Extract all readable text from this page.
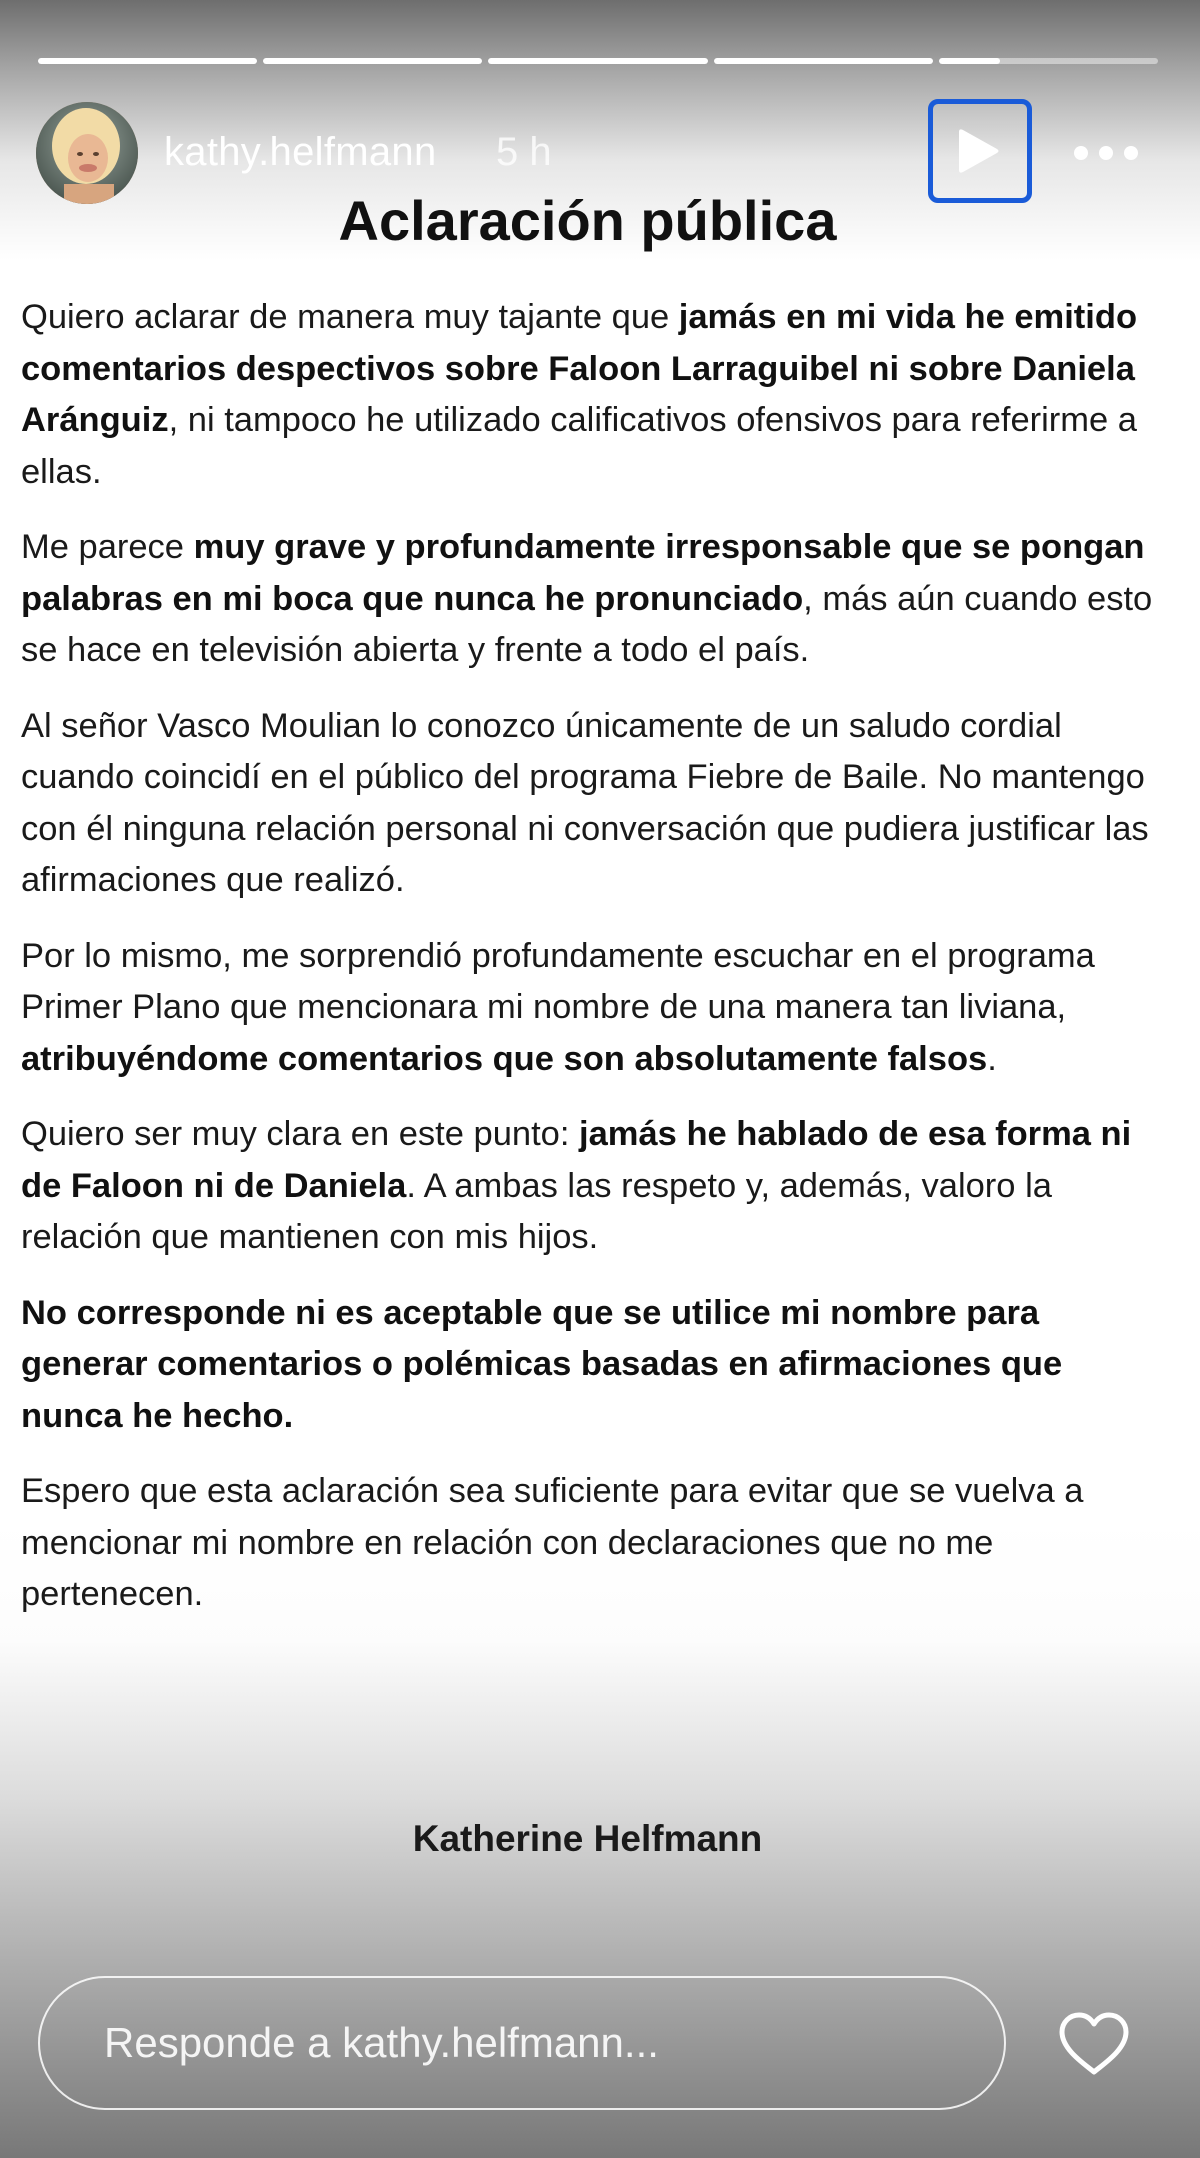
kathy.helfmann 5 h
Aclaración pública

Quiero aclarar de manera muy tajante que jamás en mi vida he emitido comentarios despectivos sobre Faloon Larraguibel ni sobre Daniela Aránguiz, ni tampoco he utilizado calificativos ofensivos para referirme a ellas.

Me parece muy grave y profundamente irresponsable que se pongan palabras en mi boca que nunca he pronunciado, más aún cuando esto se hace en televisión abierta y frente a todo el país.

Al señor Vasco Moulian lo conozco únicamente de un saludo cordial cuando coincidí en el público del programa Fiebre de Baile. No mantengo con él ninguna relación personal ni conversación que pudiera justificar las afirmaciones que realizó.

Por lo mismo, me sorprendió profundamente escuchar en el programa Primer Plano que mencionara mi nombre de una manera tan liviana, atribuyéndome comentarios que son absolutamente falsos.

Quiero ser muy clara en este punto: jamás he hablado de esa forma ni de Faloon ni de Daniela. A ambas las respeto y, además, valoro la relación que mantienen con mis hijos.

No corresponde ni es aceptable que se utilice mi nombre para generar comentarios o polémicas basadas en afirmaciones que nunca he hecho.

Espero que esta aclaración sea suficiente para evitar que se vuelva a mencionar mi nombre en relación con declaraciones que no me pertenecen.

Katherine Helfmann
Responde a kathy.helfmann...
